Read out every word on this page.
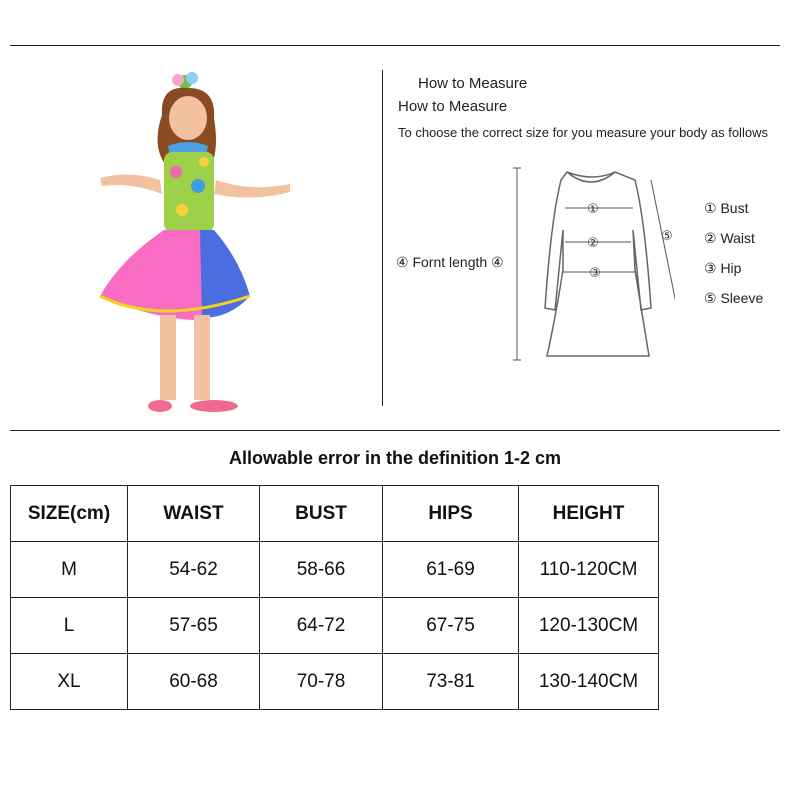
How to Measure
How to Measure
To choose the correct size for you measure your body as follows
④ Fornt length ④
①
②
③
⑤
① Bust
② Waist
③ Hip
⑤ Sleeve
Allowable error in the definition 1-2 cm
SIZE(cm)	WAIST	BUST	HIPS	HEIGHT
M	54-62	58-66	61-69	110-120CM
L	57-65	64-72	67-75	120-130CM
XL	60-68	70-78	73-81	130-140CM
